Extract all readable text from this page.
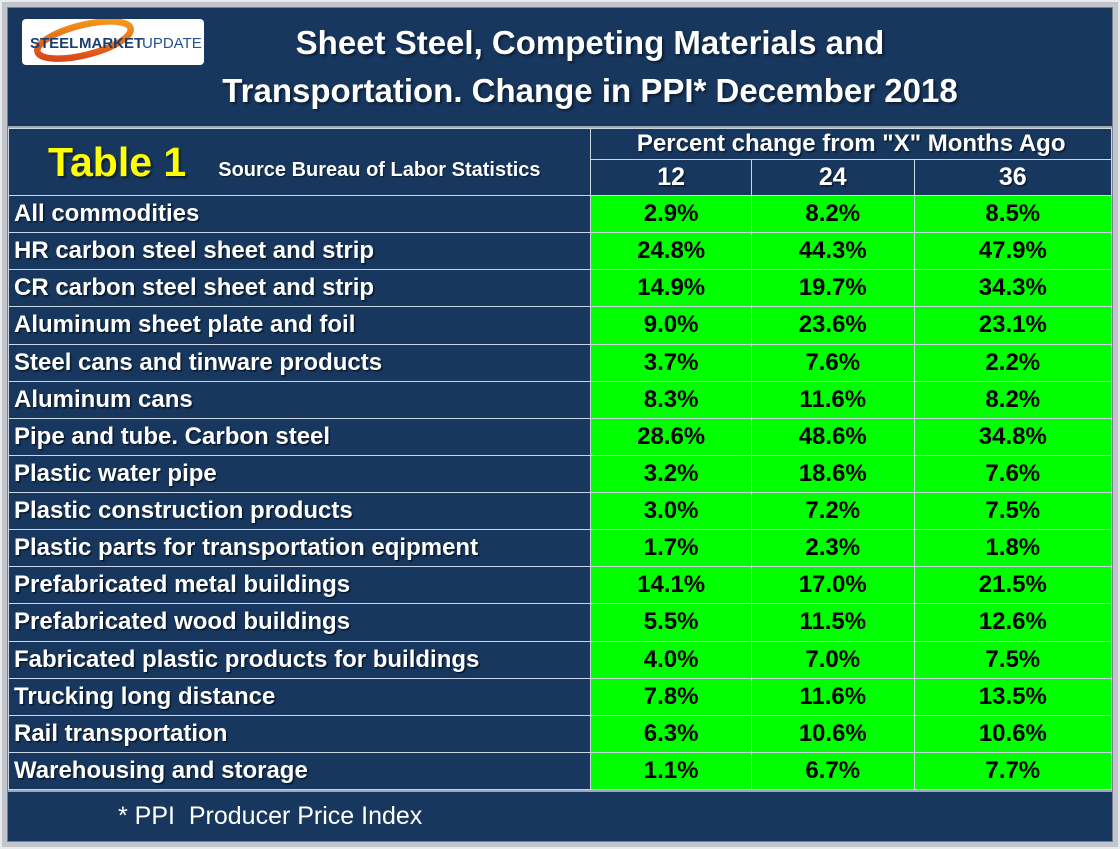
STEEL MARKET
UPDATE	Sheet Steel, Competing Materials and
Transportation. Change in PPI* December 2018
Table 1 Source Bureau of Labor Statistics	Percent change from "X" Months Ago		
	12	24	36
All commodities	2.9%	8.2%	8.5%
HR carbon steel sheet and strip	24.8%	44.3%	47.9%
CR carbon steel sheet and strip	14.9%	19.7%	34.3%
Aluminum sheet plate and foil	9.0%	23.6%	23.1%
Steel cans and tinware products	3.7%	7.6%	2.2%
Aluminum cans	8.3%	11.6%	8.2%
Pipe and tube. Carbon steel	28.6%	48.6%	34.8%
Plastic water pipe	3.2%	18.6%	7.6%
Plastic construction products	3.0%	7.2%	7.5%
Plastic parts for transportation eqipment	1.7%	2.3%	1.8%
Prefabricated metal buildings	14.1%	17.0%	21.5%
Prefabricated wood buildings	5.5%	11.5%	12.6%
Fabricated plastic products for buildings	4.0%	7.0%	7.5%
Trucking long distance	7.8%	11.6%	13.5%
Rail transportation	6.3%	10.6%	10.6%
Warehousing and storage	1.1%	6.7%	7.7%
* PPI  Producer Price Index
